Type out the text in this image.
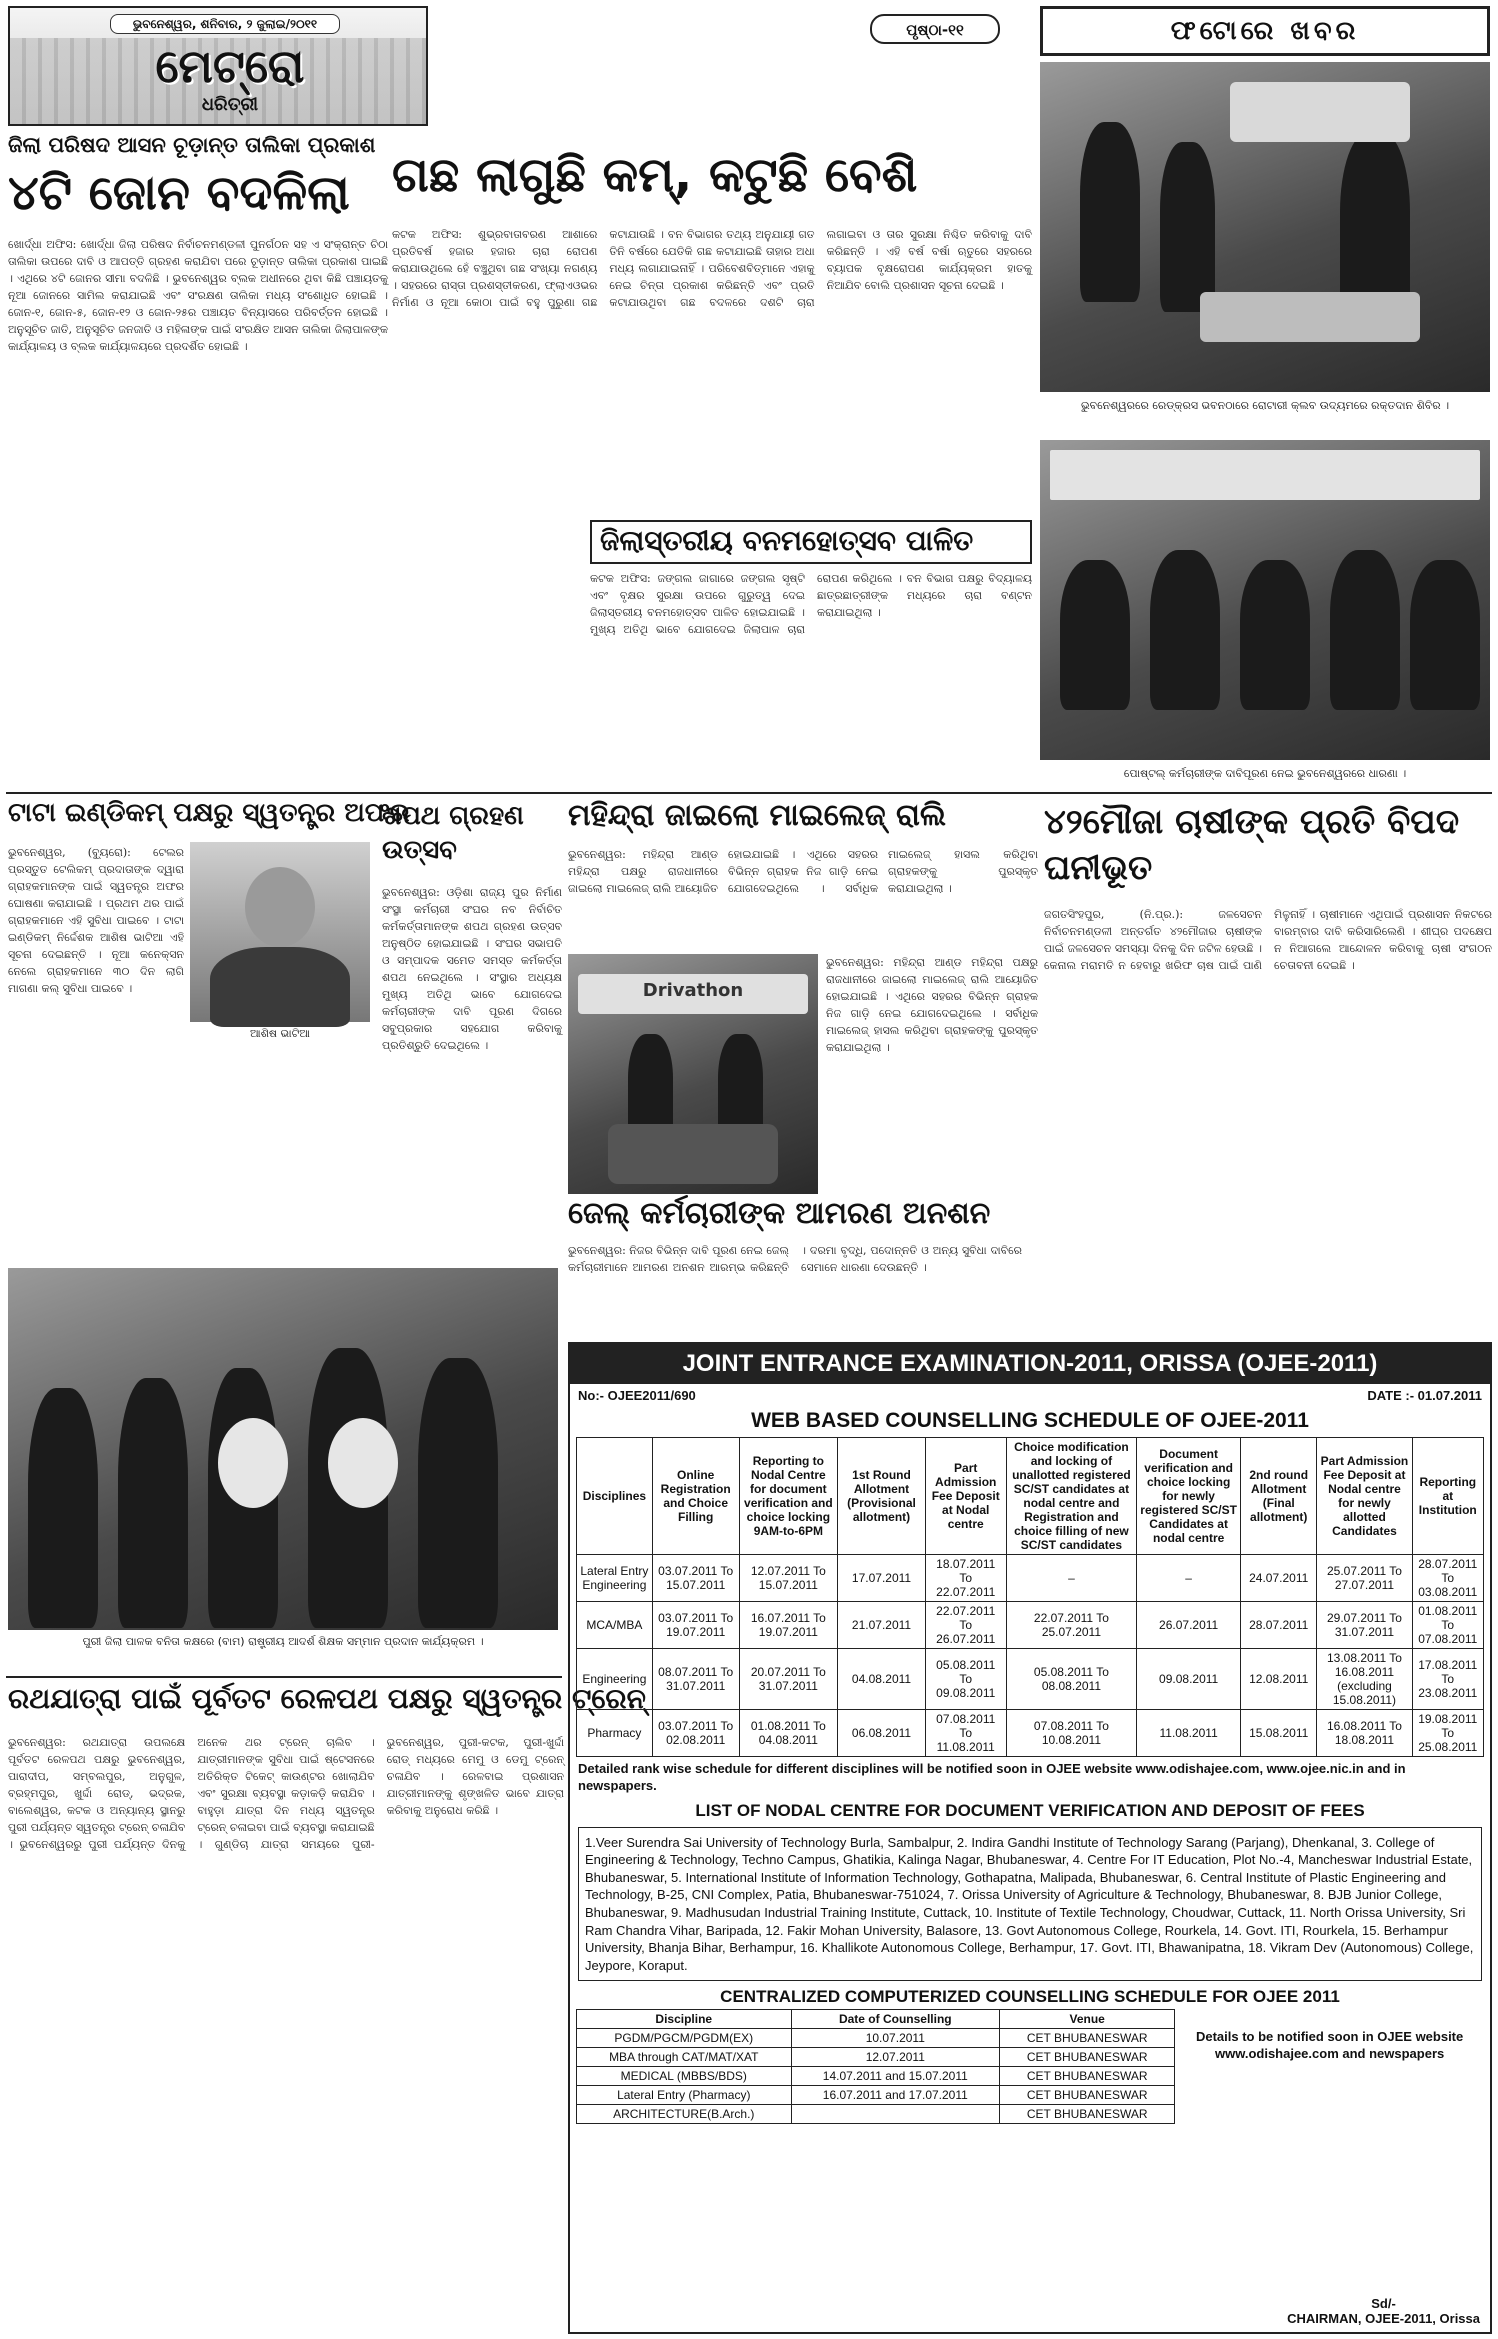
ଭୁବନେଶ୍ୱର, ଶନିବାର, ୨ ଜୁଲାଇ/୨୦୧୧
ମେଟ୍ରୋ
ଧରିତ୍ରୀ
ପୃଷ୍ଠା-୧୧	ଫଟୋରେ ଖବର
ଭୁବନେଶ୍ୱରରେ ରେଡ୍‌କ୍ରସ ଭବନଠାରେ ରୋଟାରୀ କ୍ଲବ ଉଦ୍ୟମରେ ରକ୍ତଦାନ ଶିବିର ।
ପୋଷ୍ଟଲ୍ କର୍ମଚାରୀଙ୍କ ଦାବିପୂରଣ ନେଇ ଭୁବନେଶ୍ୱରରେ ଧାରଣା ।
ଜିଲା ପରିଷଦ ଆସନ ଚୂଡ଼ାନ୍ତ ତାଲିକା ପ୍ରକାଶ
୪ଟି ଜୋନ ବଦଳିଲା
ଖୋର୍ଦ୍ଧା ଅଫିସ: ଖୋର୍ଦ୍ଧା ଜିଲା ପରିଷଦ ନିର୍ବାଚନମଣ୍ଡଳୀ ପୁନର୍ଗଠନ ସହ ଏ ସଂକ୍ରାନ୍ତ ଚିଠା ତାଲିକା ଉପରେ ଦାବି ଓ ଆପତ୍ତି ଗ୍ରହଣ କରାଯିବା ପରେ ଚୂଡ଼ାନ୍ତ ତାଲିକା ପ୍ରକାଶ ପାଇଛି । ଏଥିରେ ୪ଟି ଜୋନର ସୀମା ବଦଳିଛି । ଭୁବନେଶ୍ୱର ବ୍ଲକ ଅଧୀନରେ ଥିବା କିଛି ପଞ୍ଚାୟତକୁ ନୂଆ ଜୋନରେ ସାମିଲ କରାଯାଇଛି ଏବଂ ସଂରକ୍ଷଣ ତାଲିକା ମଧ୍ୟ ସଂଶୋଧିତ ହୋଇଛି । ଜୋନ-୧, ଜୋନ-୫, ଜୋନ-୧୨ ଓ ଜୋନ-୨୫ର ପଞ୍ଚାୟତ ବିନ୍ୟାସରେ ପରିବର୍ତ୍ତନ ହୋଇଛି । ଅନୁସୂଚିତ ଜାତି, ଅନୁସୂଚିତ ଜନଜାତି ଓ ମହିଳାଙ୍କ ପାଇଁ ସଂରକ୍ଷିତ ଆସନ ତାଲିକା ଜିଲାପାଳଙ୍କ କାର୍ଯ୍ୟାଳୟ ଓ ବ୍ଲକ କାର୍ଯ୍ୟାଳୟରେ ପ୍ରଦର୍ଶିତ ହୋଇଛି ।
ଗଛ ଲାଗୁଛି କମ୍, କଟୁଛି ବେଶି
କଟକ ଅଫିସ: ଶୁଭ୍ରବାତାବରଣ ଆଶାରେ ପ୍ରତିବର୍ଷ ହଜାର ହଜାର ଚାରା ରୋପଣ କରାଯାଉଥିଲେ ହେଁ ବଞ୍ଚୁଥିବା ଗଛ ସଂଖ୍ୟା ନଗଣ୍ୟ । ସହରରେ ରାସ୍ତା ପ୍ରଶସ୍ତୀକରଣ, ଫ୍ଲାଏଓଭର ନିର୍ମାଣ ଓ ନୂଆ କୋଠା ପାଇଁ ବହୁ ପୁରୁଣା ଗଛ କଟାଯାଉଛି । ବନ ବିଭାଗର ତଥ୍ୟ ଅନୁଯାୟୀ ଗତ ତିନି ବର୍ଷରେ ଯେତିକି ଗଛ କଟାଯାଇଛି ତାହାର ଅଧା ମଧ୍ୟ ଲଗାଯାଇନାହିଁ । ପରିବେଶବିତ୍‌ମାନେ ଏହାକୁ ନେଇ ଚିନ୍ତା ପ୍ରକାଶ କରିଛନ୍ତି ଏବଂ ପ୍ରତି କଟାଯାଉଥିବା ଗଛ ବଦଳରେ ଦଶଟି ଚାରା ଲଗାଇବା ଓ ତାର ସୁରକ୍ଷା ନିଶ୍ଚିତ କରିବାକୁ ଦାବି କରିଛନ୍ତି । ଏହି ବର୍ଷ ବର୍ଷା ଋତୁରେ ସହରରେ ବ୍ୟାପକ ବୃକ୍ଷରୋପଣ କାର୍ଯ୍ୟକ୍ରମ ହାତକୁ ନିଆଯିବ ବୋଲି ପ୍ରଶାସନ ସୂଚନା ଦେଇଛି ।
ଜିଲାସ୍ତରୀୟ ବନମହୋତ୍ସବ ପାଳିତ
କଟକ ଅଫିସ: ଜଙ୍ଗଲ ଜାଗାରେ ଜଙ୍ଗଲ ସୃଷ୍ଟି ଏବଂ ବୃକ୍ଷର ସୁରକ୍ଷା ଉପରେ ଗୁରୁତ୍ୱ ଦେଇ ଜିଲାସ୍ତରୀୟ ବନମହୋତ୍ସବ ପାଳିତ ହୋଇଯାଇଛି । ମୁଖ୍ୟ ଅତିଥି ଭାବେ ଯୋଗଦେଇ ଜିଲାପାଳ ଚାରା ରୋପଣ କରିଥିଲେ । ବନ ବିଭାଗ ପକ୍ଷରୁ ବିଦ୍ୟାଳୟ ଛାତ୍ରଛାତ୍ରୀଙ୍କ ମଧ୍ୟରେ ଚାରା ବଣ୍ଟନ କରାଯାଇଥିଲା ।
ଟାଟା ଇଣ୍ଡିକମ୍ ପକ୍ଷରୁ ସ୍ୱତନ୍ତ୍ର ଅଫର
ଆଶିଷ ଭାଟିଆ
ଭୁବନେଶ୍ୱର, (ବ୍ୟୁରୋ): ଟେଲର ପ୍ରସ୍ତୁତ ଟେଲିକମ୍ ପ୍ରଦାତାଙ୍କ ଦ୍ୱାରା ଗ୍ରାହକମାନଙ୍କ ପାଇଁ ସ୍ୱତନ୍ତ୍ର ଅଫର ଘୋଷଣା କରାଯାଇଛି । ପ୍ରଥମ ଥର ପାଇଁ ଗ୍ରାହକମାନେ ଏହି ସୁବିଧା ପାଇବେ । ଟାଟା ଇଣ୍ଡିକମ୍ ନିର୍ଦ୍ଦେଶକ ଆଶିଷ ଭାଟିଆ ଏହି ସୂଚନା ଦେଇଛନ୍ତି । ନୂଆ କନେକ୍ସନ ନେଲେ ଗ୍ରାହକମାନେ ୩୦ ଦିନ ଲାଗି ମାଗଣା କଲ୍ ସୁବିଧା ପାଇବେ ।
ଶପଥ ଗ୍ରହଣ ଉତ୍ସବ
ଭୁବନେଶ୍ୱର: ଓଡ଼ିଶା ରାଜ୍ୟ ପୁର ନିର୍ମାଣ ସଂସ୍ଥା କର୍ମଚାରୀ ସଂଘର ନବ ନିର୍ବାଚିତ କର୍ମକର୍ତ୍ତାମାନଙ୍କ ଶପଥ ଗ୍ରହଣ ଉତ୍ସବ ଅନୁଷ୍ଠିତ ହୋଇଯାଇଛି । ସଂଘର ସଭାପତି ଓ ସମ୍ପାଦକ ସମେତ ସମସ୍ତ କର୍ମକର୍ତ୍ତା ଶପଥ ନେଇଥିଲେ । ସଂସ୍ଥାର ଅଧ୍ୟକ୍ଷ ମୁଖ୍ୟ ଅତିଥି ଭାବେ ଯୋଗଦେଇ କର୍ମଚାରୀଙ୍କ ଦାବି ପୂରଣ ଦିଗରେ ସବୁପ୍ରକାର ସହଯୋଗ କରିବାକୁ ପ୍ରତିଶ୍ରୁତି ଦେଇଥିଲେ ।
ମହିନ୍ଦ୍ରା ଜାଇଲୋ ମାଇଲେଜ୍ ରାଲି
ଭୁବନେଶ୍ୱର: ମହିନ୍ଦ୍ରା ଆଣ୍ଡ ମହିନ୍ଦ୍ରା ପକ୍ଷରୁ ରାଜଧାନୀରେ ଜାଇଲୋ ମାଇଲେଜ୍ ରାଲି ଆୟୋଜିତ ହୋଇଯାଇଛି । ଏଥିରେ ସହରର ବିଭିନ୍ନ ଗ୍ରାହକ ନିଜ ଗାଡ଼ି ନେଇ ଯୋଗଦେଇଥିଲେ । ସର୍ବାଧିକ ମାଇଲେଜ୍ ହାସଲ କରିଥିବା ଗ୍ରାହକଙ୍କୁ ପୁରସ୍କୃତ କରାଯାଇଥିଲା ।
Drivathon
ଭୁବନେଶ୍ୱର: ମହିନ୍ଦ୍ରା ଆଣ୍ଡ ମହିନ୍ଦ୍ରା ପକ୍ଷରୁ ରାଜଧାନୀରେ ଜାଇଲୋ ମାଇଲେଜ୍ ରାଲି ଆୟୋଜିତ ହୋଇଯାଇଛି । ଏଥିରେ ସହରର ବିଭିନ୍ନ ଗ୍ରାହକ ନିଜ ଗାଡ଼ି ନେଇ ଯୋଗଦେଇଥିଲେ । ସର୍ବାଧିକ ମାଇଲେଜ୍ ହାସଲ କରିଥିବା ଗ୍ରାହକଙ୍କୁ ପୁରସ୍କୃତ କରାଯାଇଥିଲା ।
୪୨ମୌଜା ଚାଷୀଙ୍କ ପ୍ରତି ବିପଦ ଘନୀଭୂତ
ଜଗତସିଂହପୁର, (ନି.ପ୍ର.): ଜଳସେଚନ ନିର୍ବାଚନମଣ୍ଡଳୀ ଅନ୍ତର୍ଗତ ୪୨ମୌଜାର ଚାଷୀଙ୍କ ପାଇଁ ଜଳସେଚନ ସମସ୍ୟା ଦିନକୁ ଦିନ ଜଟିଳ ହେଉଛି । କେନାଲ ମରାମତି ନ ହେବାରୁ ଖରିଫ ଚାଷ ପାଇଁ ପାଣି ମିଳୁନାହିଁ । ଚାଷୀମାନେ ଏଥିପାଇଁ ପ୍ରଶାସନ ନିକଟରେ ବାରମ୍ବାର ଦାବି କରିସାରିଲେଣି । ଶୀଘ୍ର ପଦକ୍ଷେପ ନ ନିଆଗଲେ ଆନ୍ଦୋଳନ କରିବାକୁ ଚାଷୀ ସଂଗଠନ ଚେତାବନୀ ଦେଇଛି ।
ଜେଲ୍ କର୍ମଚାରୀଙ୍କ ଆମରଣ ଅନଶନ
ଭୁବନେଶ୍ୱର: ନିଜର ବିଭିନ୍ନ ଦାବି ପୂରଣ ନେଇ ଜେଲ୍ କର୍ମଚାରୀମାନେ ଆମରଣ ଅନଶନ ଆରମ୍ଭ କରିଛନ୍ତି । ଦରମା ବୃଦ୍ଧି, ପଦୋନ୍ନତି ଓ ଅନ୍ୟ ସୁବିଧା ଦାବିରେ ସେମାନେ ଧାରଣା ଦେଉଛନ୍ତି ।
ପୁରୀ ଜିଲା ପାଳକ ବନିତା କକ୍ଷରେ (ବାମ) ରାଷ୍ଟ୍ରୀୟ ଆଦର୍ଶ ଶିକ୍ଷକ ସମ୍ମାନ ପ୍ରଦାନ କାର୍ଯ୍ୟକ୍ରମ ।
ରଥଯାତ୍ରା ପାଇଁ ପୂର୍ବତଟ ରେଳପଥ ପକ୍ଷରୁ ସ୍ୱତନ୍ତ୍ର ଟ୍ରେନ୍
ଭୁବନେଶ୍ୱର: ରଥଯାତ୍ରା ଉପଲକ୍ଷେ ପୂର୍ବତଟ ରେଳପଥ ପକ୍ଷରୁ ଭୁବନେଶ୍ୱର, ପାରାଦୀପ, ସମ୍ବଲପୁର, ଅନୁଗୁଳ, ବ୍ରହ୍ମପୁର, ଖୁର୍ଦ୍ଦା ରୋଡ୍, ଭଦ୍ରକ, ବାଲେଶ୍ୱର, କଟକ ଓ ଅନ୍ୟାନ୍ୟ ସ୍ଥାନରୁ ପୁରୀ ପର୍ଯ୍ୟନ୍ତ ସ୍ୱତନ୍ତ୍ର ଟ୍ରେନ୍ ଚଳାଯିବ । ଭୁବନେଶ୍ୱରରୁ ପୁରୀ ପର୍ଯ୍ୟନ୍ତ ଦିନକୁ ଅନେକ ଥର ଟ୍ରେନ୍ ଚାଲିବ । ଯାତ୍ରୀମାନଙ୍କ ସୁବିଧା ପାଇଁ ଷ୍ଟେସନରେ ଅତିରିକ୍ତ ଟିକେଟ୍ କାଉଣ୍ଟର ଖୋଲାଯିବ ଏବଂ ସୁରକ୍ଷା ବ୍ୟବସ୍ଥା କଡ଼ାକଡ଼ି କରାଯିବ । ବାହୁଡ଼ା ଯାତ୍ରା ଦିନ ମଧ୍ୟ ସ୍ୱତନ୍ତ୍ର ଟ୍ରେନ୍ ଚଳାଇବା ପାଇଁ ବ୍ୟବସ୍ଥା କରାଯାଇଛି । ଗୁଣ୍ଡିଚା ଯାତ୍ରା ସମୟରେ ପୁରୀ-ଭୁବନେଶ୍ୱର, ପୁରୀ-କଟକ, ପୁରୀ-ଖୁର୍ଦ୍ଦା ରୋଡ୍ ମଧ୍ୟରେ ମେମୁ ଓ ଡେମୁ ଟ୍ରେନ୍ ଚଳାଯିବ । ରେଳବାଇ ପ୍ରଶାସନ ଯାତ୍ରୀମାନଙ୍କୁ ଶୃଙ୍ଖଳିତ ଭାବେ ଯାତ୍ରା କରିବାକୁ ଅନୁରୋଧ କରିଛି ।
JOINT ENTRANCE EXAMINATION-2011, ORISSA (OJEE-2011)
No:- OJEE2011/690	DATE :- 01.07.2011
WEB BASED COUNSELLING SCHEDULE OF OJEE-2011
Disciplines	Online Registration and Choice Filling	Reporting to Nodal Centre for document verification and choice locking 9AM-to-6PM	1st Round Allotment (Provisional allotment)	Part Admission Fee Deposit at Nodal centre	Choice modification and locking of unallotted registered SC/ST candidates at nodal centre and Registration and choice filling of new SC/ST candidates	Document verification and choice locking for newly registered SC/ST Candidates at nodal centre	2nd round Allotment (Final allotment)	Part Admission Fee Deposit at Nodal centre for newly allotted Candidates	Reporting at Institution
Lateral Entry Engineering	03.07.2011 To 15.07.2011	12.07.2011 To 15.07.2011	17.07.2011	18.07.2011 To 22.07.2011	–	–	24.07.2011	25.07.2011 To 27.07.2011	28.07.2011 To 03.08.2011
MCA/MBA	03.07.2011 To 19.07.2011	16.07.2011 To 19.07.2011	21.07.2011	22.07.2011 To 26.07.2011	22.07.2011 To 25.07.2011	26.07.2011	28.07.2011	29.07.2011 To 31.07.2011	01.08.2011 To 07.08.2011
Engineering	08.07.2011 To 31.07.2011	20.07.2011 To 31.07.2011	04.08.2011	05.08.2011 To 09.08.2011	05.08.2011 To 08.08.2011	09.08.2011	12.08.2011	13.08.2011 To 16.08.2011 (excluding 15.08.2011)	17.08.2011 To 23.08.2011
Pharmacy	03.07.2011 To 02.08.2011	01.08.2011 To 04.08.2011	06.08.2011	07.08.2011 To 11.08.2011	07.08.2011 To 10.08.2011	11.08.2011	15.08.2011	16.08.2011 To 18.08.2011	19.08.2011 To 25.08.2011
Detailed rank wise schedule for different disciplines will be notified soon in OJEE website www.odishajee.com, www.ojee.nic.in and in newspapers.
LIST OF NODAL CENTRE FOR DOCUMENT VERIFICATION AND DEPOSIT OF FEES
1.Veer Surendra Sai University of Technology Burla, Sambalpur, 2. Indira Gandhi Institute of Technology Sarang (Parjang), Dhenkanal, 3. College of Engineering & Technology, Techno Campus, Ghatikia, Kalinga Nagar, Bhubaneswar, 4. Centre For IT Education, Plot No.-4, Mancheswar Industrial Estate, Bhubaneswar, 5. International Institute of Information Technology, Gothapatna, Malipada, Bhubaneswar, 6. Central Institute of Plastic Engineering and Technology, B-25, CNI Complex, Patia, Bhubaneswar-751024, 7. Orissa University of Agriculture & Technology, Bhubaneswar, 8. BJB Junior College, Bhubaneswar, 9. Madhusudan Industrial Training Institute, Cuttack, 10. Institute of Textile Technology, Choudwar, Cuttack, 11. North Orissa University, Sri Ram Chandra Vihar, Baripada, 12. Fakir Mohan University, Balasore, 13. Govt Autonomous College, Rourkela, 14. Govt. ITI, Rourkela, 15. Berhampur University, Bhanja Bihar, Berhampur, 16. Khallikote Autonomous College, Berhampur, 17. Govt. ITI, Bhawanipatna, 18. Vikram Dev (Autonomous) College, Jeypore, Koraput.
CENTRALIZED COMPUTERIZED COUNSELLING SCHEDULE FOR OJEE 2011
Discipline	Date of Counselling	Venue
PGDM/PGCM/PGDM(EX)	10.07.2011	CET BHUBANESWAR
MBA through CAT/MAT/XAT	12.07.2011	CET BHUBANESWAR
MEDICAL (MBBS/BDS)	14.07.2011 and 15.07.2011	CET BHUBANESWAR
Lateral Entry (Pharmacy)	16.07.2011 and 17.07.2011	CET BHUBANESWAR
ARCHITECTURE(B.Arch.)		CET BHUBANESWAR
Details to be notified soon in OJEE website www.odishajee.com and newspapers
Sd/-
CHAIRMAN, OJEE-2011, Orissa
